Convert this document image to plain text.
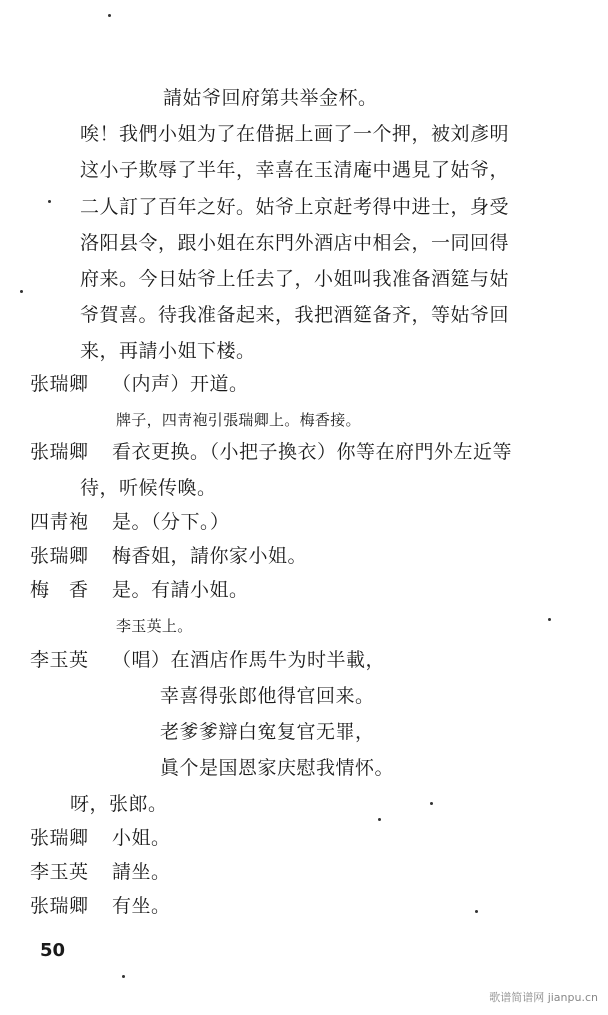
請姑爷回府第共举金杯。
唉！我們小姐为了在借据上画了一个押，被刘彥明
这小子欺辱了半年，幸喜在玉清庵中遇見了姑爷，
二人訂了百年之好。姑爷上京赶考得中进士，身受
洛阳县令，跟小姐在东門外酒店中相会，一同回得
府来。今日姑爷上任去了，小姐叫我准备酒筵与姑
爷賀喜。待我准备起来，我把酒筵备齐，等姑爷回
来，再請小姐下楼。
张瑞卿 （内声）开道。
牌子，四靑袍引張瑞卿上。梅香接。
张瑞卿 看衣更换。（小把子換衣）你等在府門外左近等
待，听候传喚。
四靑袍 是。（分下。）
张瑞卿 梅香姐，請你家小姐。
梅　香 是。有請小姐。
李玉英上。
李玉英 （唱）在酒店作馬牛为时半載，
幸喜得张郎他得官回来。
老爹爹辯白寃复官无罪，
眞个是国恩家庆慰我情怀。
呀，张郎。
张瑞卿 小姐。
李玉英 請坐。
张瑞卿 有坐。
50
歌谱简谱网 jianpu.cn
